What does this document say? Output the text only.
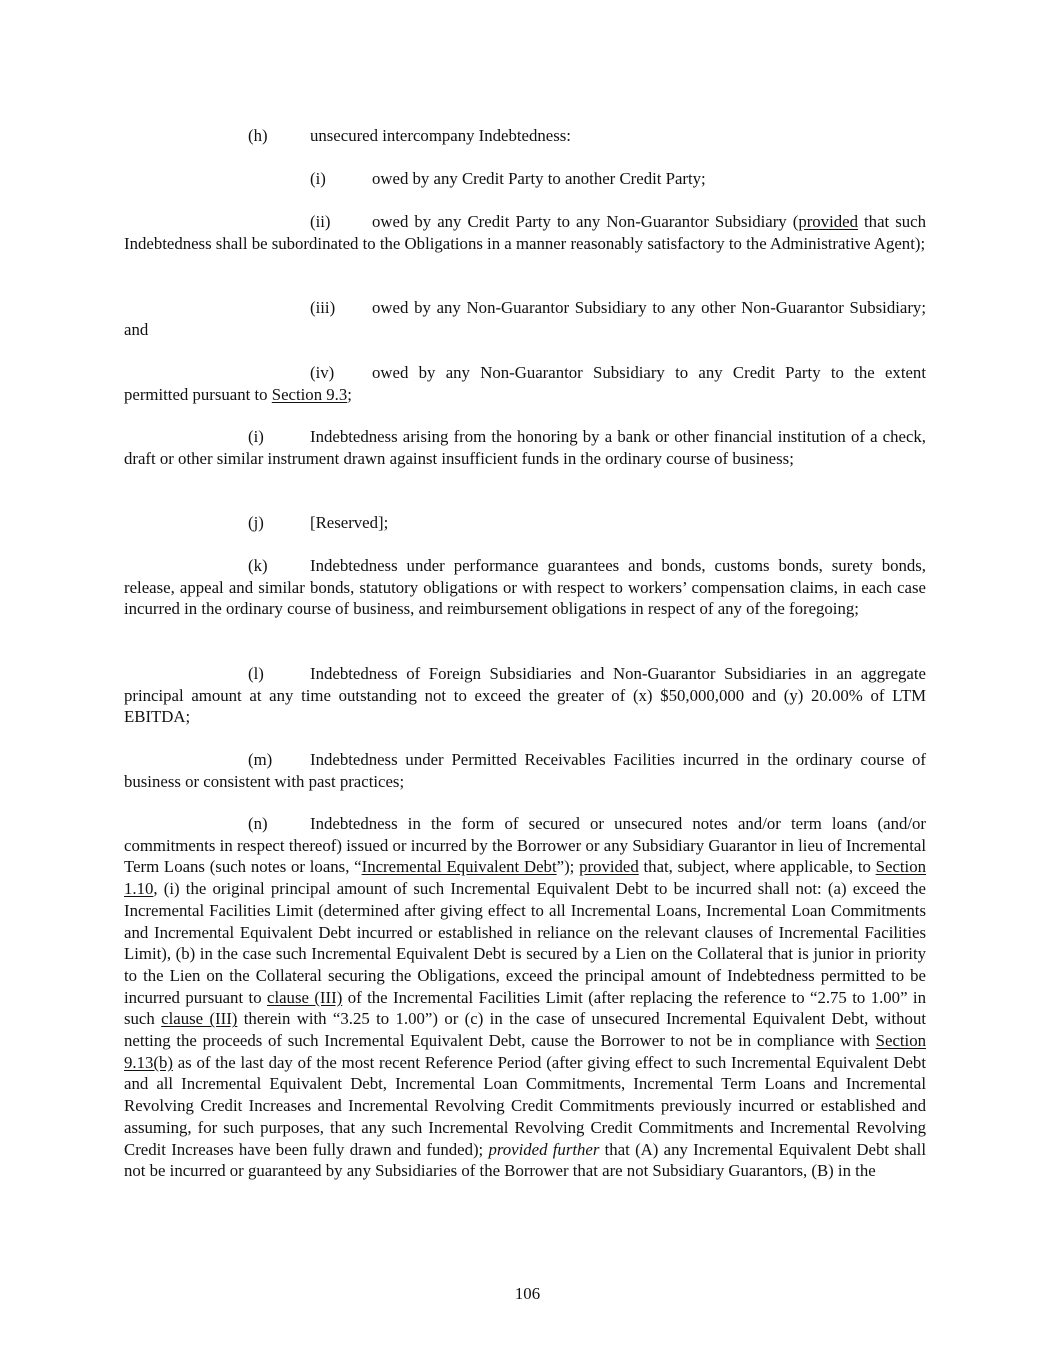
(h)	unsecured intercompany Indebtedness:

(i)	owed by any Credit Party to another Credit Party;

(ii) owed by any Credit Party to any Non-Guarantor Subsidiary (provided that such Indebtedness shall be subordinated to the Obligations in a manner reasonably satisfactory to the Administrative Agent);

(iii) owed by any Non-Guarantor Subsidiary to any other Non-Guarantor Subsidiary; and

(iv) owed by any Non-Guarantor Subsidiary to any Credit Party to the extent permitted pursuant to Section 9.3;

(i)	Indebtedness arising from the honoring by a bank or other financial institution of a check, draft or other similar instrument drawn against insufficient funds in the ordinary course of business;

(j)	[Reserved];

(k)	Indebtedness under performance guarantees and bonds, customs bonds, surety bonds, release, appeal and similar bonds, statutory obligations or with respect to workers’ compensation claims, in each case incurred in the ordinary course of business, and reimbursement obligations in respect of any of the foregoing;

(l)	Indebtedness of Foreign Subsidiaries and Non-Guarantor Subsidiaries in an aggregate principal amount at any time outstanding not to exceed the greater of (x) $50,000,000 and (y) 20.00% of LTM EBITDA;

(m) Indebtedness under Permitted Receivables Facilities incurred in the ordinary course of business or consistent with past practices;

(n)	Indebtedness in the form of secured or unsecured notes and/or term loans (and/or commitments in respect thereof) issued or incurred by the Borrower or any Subsidiary Guarantor in lieu of Incremental Term Loans (such notes or loans, “Incremental Equivalent Debt”); provided that, subject, where applicable, to Section 1.10, (i) the original principal amount of such Incremental Equivalent Debt to be incurred shall not: (a) exceed the Incremental Facilities Limit (determined after giving effect to all Incremental Loans, Incremental Loan Commitments and Incremental Equivalent Debt incurred or established in reliance on the relevant clauses of Incremental Facilities Limit), (b) in the case such Incremental Equivalent Debt is secured by a Lien on the Collateral that is junior in priority to the Lien on the Collateral securing the Obligations, exceed the principal amount of Indebtedness permitted to be incurred pursuant to clause (III) of the Incremental Facilities Limit (after replacing the reference to “2.75 to 1.00” in such clause (III) therein with “3.25 to 1.00”) or (c) in the case of unsecured Incremental Equivalent Debt, without netting the proceeds of such Incremental Equivalent Debt, cause the Borrower to not be in compliance with Section 9.13(b) as of the last day of the most recent Reference Period (after giving effect to such Incremental Equivalent Debt and all Incremental Equivalent Debt, Incremental Loan Commitments, Incremental Term Loans and Incremental Revolving Credit Increases and Incremental Revolving Credit Commitments previously incurred or established and assuming, for such purposes, that any such Incremental Revolving Credit Commitments and Incremental Revolving Credit Increases have been fully drawn and funded); provided further that (A) any Incremental Equivalent Debt shall not be incurred or guaranteed by any Subsidiaries of the Borrower that are not Subsidiary Guarantors, (B) in the

106
